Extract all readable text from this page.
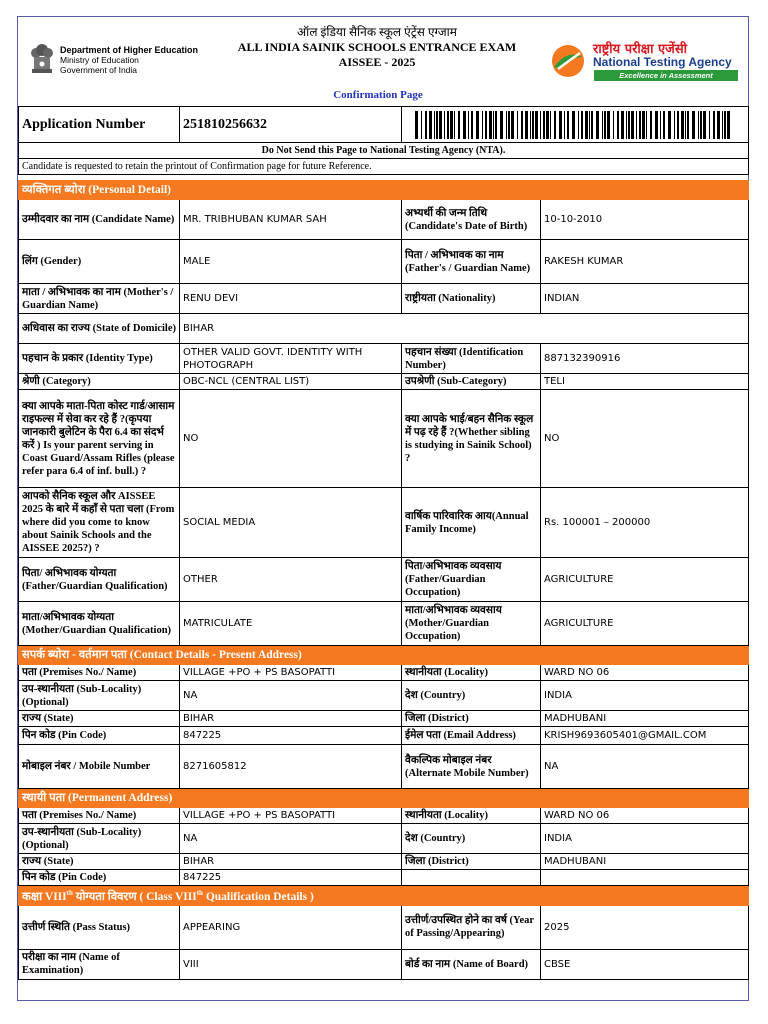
Department of Higher Education
Ministry of Education
Government of India
ऑल इंडिया सैनिक स्कूल एंट्रेंस एग्जाम
ALL INDIA SAINIK SCHOOLS ENTRANCE EXAM
AISSEE - 2025
Confirmation Page
राष्ट्रीय परीक्षा एजेंसी
National Testing Agency
Excellence in Assessment
Application Number	251810256632	

Do Not Send this Page to National Testing Agency (NTA).
Candidate is requested to retain the printout of Confirmation page for future Reference.
व्यक्तिगत ब्योरा (Personal Detail)			
उम्मीदवार का नाम (Candidate Name)	MR. TRIBHUBAN KUMAR SAH	अभ्यर्थी की जन्म तिथि (Candidate's Date of Birth)	10-10-2010
लिंग (Gender)	MALE	पिता / अभिभावक का नाम (Father's / Guardian Name)	RAKESH KUMAR
माता / अभिभावक का नाम (Mother's / Guardian Name)	RENU DEVI	राष्ट्रीयता (Nationality)	INDIAN
अधिवास का राज्य (State of Domicile)	BIHAR		
पहचान के प्रकार (Identity Type)	OTHER VALID GOVT. IDENTITY WITH PHOTOGRAPH	पहचान संख्या (Identification Number)	887132390916
श्रेणी (Category)	OBC-NCL (CENTRAL LIST)	उपश्रेणी (Sub-Category)	TELI
क्या आपके माता-पिता कोस्ट गार्ड/आसाम राइफल्स में सेवा कर रहे हैं ?(कृपया जानकारी बुलेटिन के पैरा 6.4 का संदर्भ करें ) Is your parent serving in Coast Guard/Assam Rifles (please refer para 6.4 of inf. bull.) ?	NO	क्या आपके भाई/बहन सैनिक स्कूल में पढ़ रहे हैं ?(Whether sibling is studying in Sainik School) ?	NO
आपको सैनिक स्कूल और AISSEE 2025 के बारे में कहाँ से पता चला (From where did you come to know about Sainik Schools and the AISSEE 2025?) ?	SOCIAL MEDIA	वार्षिक पारिवारिक आय(Annual Family Income)	Rs. 100001 – 200000
पिता/ अभिभावक योग्यता (Father/Guardian Qualification)	OTHER	पिता/अभिभावक व्यवसाय (Father/Guardian Occupation)	AGRICULTURE
माता/अभिभावक योग्यता (Mother/Guardian Qualification)	MATRICULATE	माता/अभिभावक व्यवसाय (Mother/Guardian Occupation)	AGRICULTURE
सपर्क ब्योरा - वर्तमान पता (Contact Details - Present Address)			
पता (Premises No./ Name)	VILLAGE +PO + PS BASOPATTI	स्थानीयता (Locality)	WARD NO 06
उप-स्थानीयता (Sub-Locality)(Optional)	NA	देश (Country)	INDIA
राज्य (State)	BIHAR	जिला (District)	MADHUBANI
पिन कोड (Pin Code)	847225	ईमेल पता (Email Address)	KRISH9693605401@GMAIL.COM
मोबाइल नंबर / Mobile Number	8271605812	वैकल्पिक मोबाइल नंबर (Alternate Mobile Number)	NA
स्थायी पता (Permanent Address)			
पता (Premises No./ Name)	VILLAGE +PO + PS BASOPATTI	स्थानीयता (Locality)	WARD NO 06
उप-स्थानीयता (Sub-Locality)(Optional)	NA	देश (Country)	INDIA
राज्य (State)	BIHAR	जिला (District)	MADHUBANI
पिन कोड (Pin Code)	847225		
कक्षा VIIIth योग्यता विवरण ( Class VIIIth Qualification Details )			
उत्तीर्ण स्थिति (Pass Status)	APPEARING	उत्तीर्ण/उपस्थित होने का वर्ष (Year of Passing/Appearing)	2025
परीक्षा का नाम (Name of Examination)	VIII	बोर्ड का नाम (Name of Board)	CBSE
